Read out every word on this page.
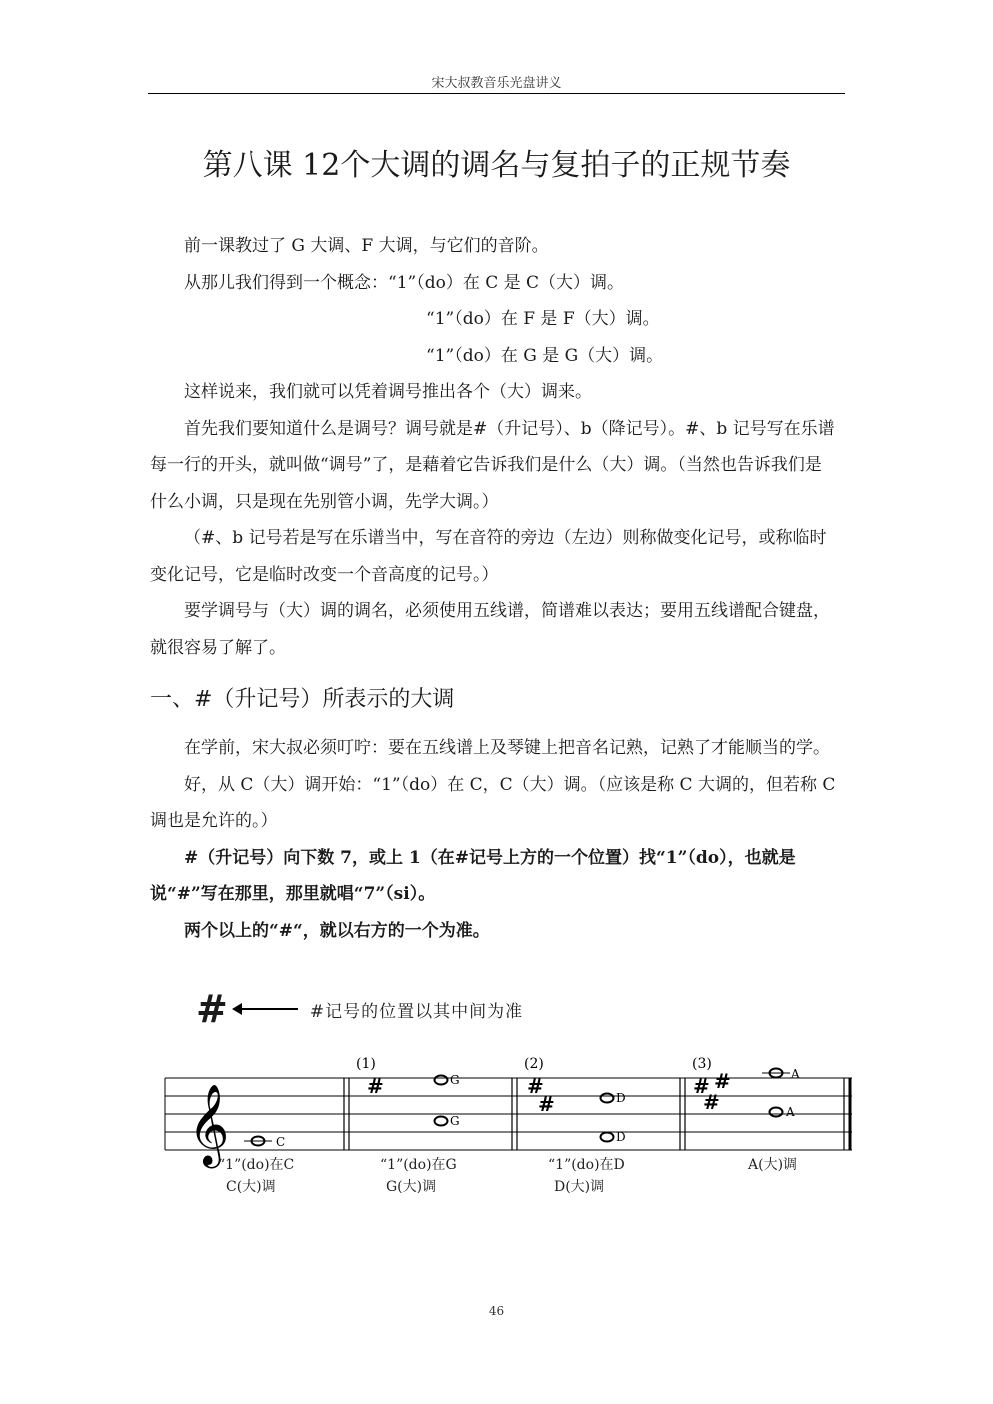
宋大叔教音乐光盘讲义
第八课 12个大调的调名与复拍子的正规节奏

前一课教过了 G 大调、F 大调，与它们的音阶。

从那儿我们得到一个概念：“1”（do）在 C 是 C（大）调。

“1”（do）在 F 是 F（大）调。

“1”（do）在 G 是 G（大）调。

这样说来，我们就可以凭着调号推出各个（大）调来。

首先我们要知道什么是调号？调号就是#（升记号）、b（降记号）。#、b 记号写在乐谱每一行的开头，就叫做“调号”了，是藉着它告诉我们是什么（大）调。（当然也告诉我们是什么小调，只是现在先别管小调，先学大调。）

（#、b 记号若是写在乐谱当中，写在音符的旁边（左边）则称做变化记号，或称临时变化记号，它是临时改变一个音高度的记号。）

要学调号与（大）调的调名，必须使用五线谱，简谱难以表达；要用五线谱配合键盘，就很容易了解了。

一、#（升记号）所表示的大调

在学前，宋大叔必须叮咛：要在五线谱上及琴键上把音名记熟，记熟了才能顺当的学。

好，从 C（大）调开始：“1”（do）在 C，C（大）调。（应该是称 C 大调的，但若称 C 调也是允许的。）

#（升记号）向下数 7，或上 1（在#记号上方的一个位置）找“1”（do），也就是说“#”写在那里，那里就唱“7”（si）。

两个以上的“#“，就以右方的一个为准。

#	#记号的位置以其中间为准
𝄞
(1)	(2)	(3)
C
#	G
G
#
#	D
D
#
#
#	A
A
“1”(do)在C
C(大)调
“1”(do)在G
G(大)调
“1”(do)在D
D(大)调
A(大)调
46
